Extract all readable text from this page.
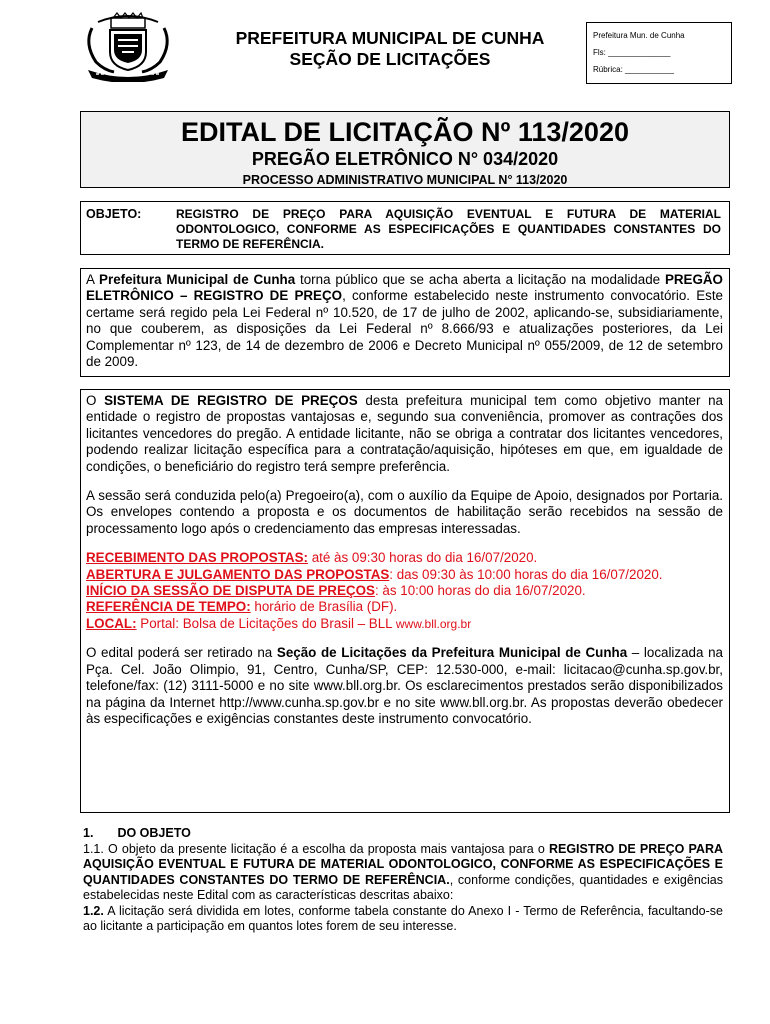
PREFEITURA MUNICIPAL DE CUNHA
SEÇÃO DE LICITAÇÕES
Prefeitura Mun. de Cunha
Fls: ______________
Rúbrica: ___________
EDITAL DE LICITAÇÃO Nº 113/2020
PREGÃO ELETRÔNICO N° 034/2020
PROCESSO ADMINISTRATIVO MUNICIPAL N° 113/2020
OBJETO:	REGISTRO DE PREÇO PARA AQUISIÇÃO EVENTUAL E FUTURA DE MATERIAL ODONTOLOGICO, CONFORME AS ESPECIFICAÇÕES E QUANTIDADES CONSTANTES DO TERMO DE REFERÊNCIA.

A Prefeitura Municipal de Cunha torna público que se acha aberta a licitação na modalidade PREGÃO ELETRÔNICO – REGISTRO DE PREÇO, conforme estabelecido neste instrumento convocatório. Este certame será regido pela Lei Federal nº 10.520, de 17 de julho de 2002, aplicando-se, subsidiariamente, no que couberem, as disposições da Lei Federal nº 8.666/93 e atualizações posteriores, da Lei Complementar nº 123, de 14 de dezembro de 2006 e Decreto Municipal nº 055/2009, de 12 de setembro de 2009.

O SISTEMA DE REGISTRO DE PREÇOS desta prefeitura municipal tem como objetivo manter na entidade o registro de propostas vantajosas e, segundo sua conveniência, promover as contrações dos licitantes vencedores do pregão. A entidade licitante, não se obriga a contratar dos licitantes vencedores, podendo realizar licitação específica para a contratação/aquisição, hipóteses em que, em igualdade de condições, o beneficiário do registro terá sempre preferência.

A sessão será conduzida pelo(a) Pregoeiro(a), com o auxílio da Equipe de Apoio, designados por Portaria. Os envelopes contendo a proposta e os documentos de habilitação serão recebidos na sessão de processamento logo após o credenciamento das empresas interessadas.

RECEBIMENTO DAS PROPOSTAS: até às 09:30 horas do dia 16/07/2020.
ABERTURA E JULGAMENTO DAS PROPOSTAS: das 09:30 às 10:00 horas do dia 16/07/2020.
INÍCIO DA SESSÃO DE DISPUTA DE PREÇOS: às 10:00 horas do dia 16/07/2020.
REFERÊNCIA DE TEMPO: horário de Brasília (DF).
LOCAL: Portal: Bolsa de Licitações do Brasil – BLL www.bll.org.br

O edital poderá ser retirado na Seção de Licitações da Prefeitura Municipal de Cunha – localizada na Pça. Cel. João Olimpio, 91, Centro, Cunha/SP, CEP: 12.530-000, e-mail: licitacao@cunha.sp.gov.br, telefone/fax: (12) 3111-5000 e no site www.bll.org.br. Os esclarecimentos prestados serão disponibilizados na página da Internet http://www.cunha.sp.gov.br e no site www.bll.org.br. As propostas deverão obedecer às especificações e exigências constantes deste instrumento convocatório.

1. DO OBJETO

1.1. O objeto da presente licitação é a escolha da proposta mais vantajosa para o REGISTRO DE PREÇO PARA AQUISIÇÃO EVENTUAL E FUTURA DE MATERIAL ODONTOLOGICO, CONFORME AS ESPECIFICAÇÕES E QUANTIDADES CONSTANTES DO TERMO DE REFERÊNCIA., conforme condições, quantidades e exigências estabelecidas neste Edital com as características descritas abaixo:

1.2. A licitação será dividida em lotes, conforme tabela constante do Anexo I - Termo de Referência, facultando-se ao licitante a participação em quantos lotes forem de seu interesse.
